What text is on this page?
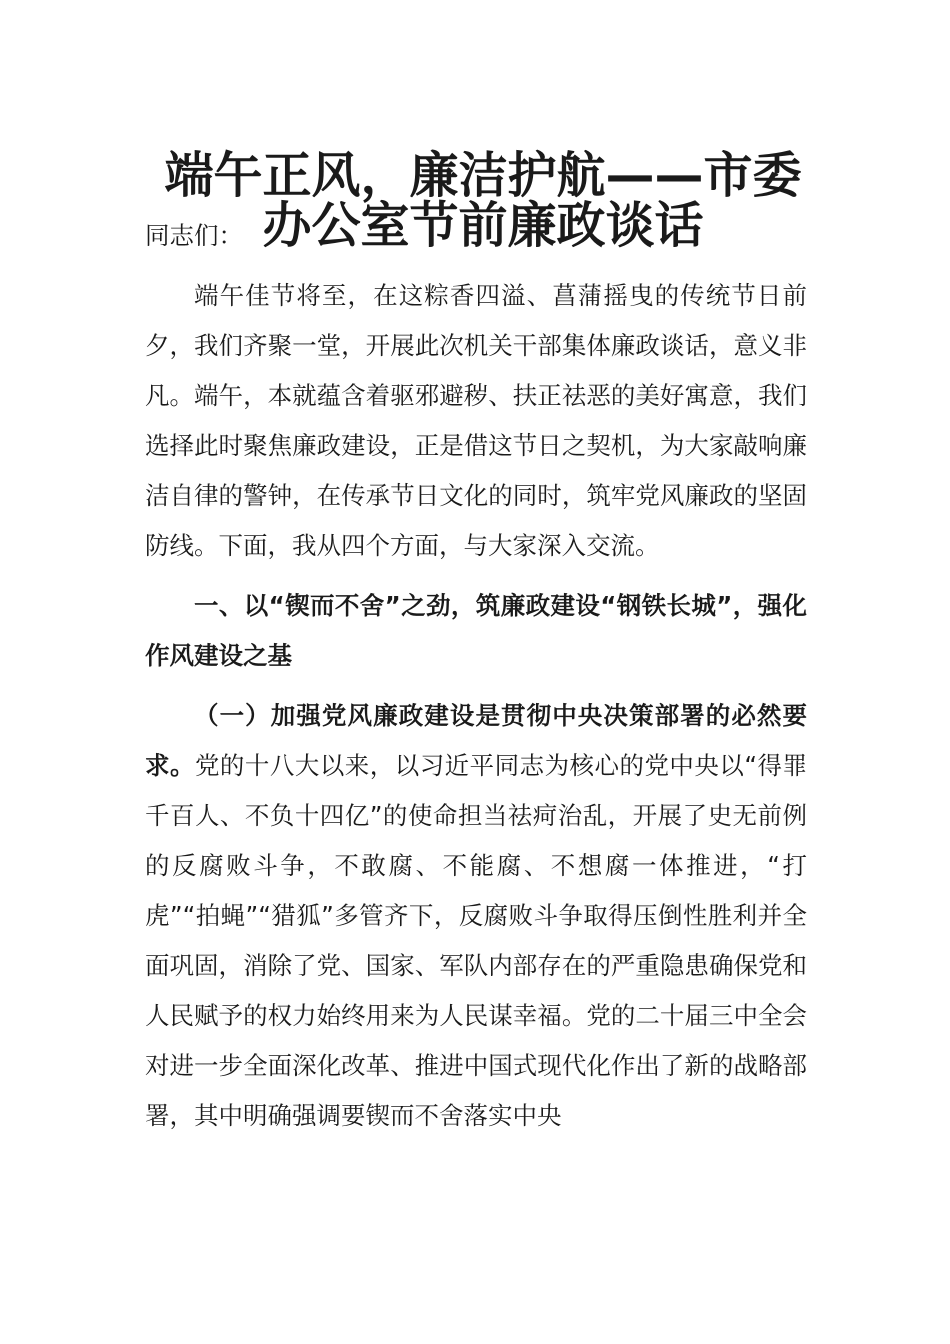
端午正风，廉洁护航——市委办公室节前廉政谈话

同志们：

端午佳节将至，在这粽香四溢、菖蒲摇曳的传统节日前夕，我们齐聚一堂，开展此次机关干部集体廉政谈话，意义非凡。端午，本就蕴含着驱邪避秽、扶正祛恶的美好寓意，我们选择此时聚焦廉政建设，正是借这节日之契机，为大家敲响廉洁自律的警钟，在传承节日文化的同时，筑牢党风廉政的坚固防线。下面，我从四个方面，与大家深入交流。

一、以“锲而不舍”之劲，筑廉政建设“钢铁长城”，强化作风建设之基

（一）加强党风廉政建设是贯彻中央决策部署的必然要求。党的十八大以来，以习近平同志为核心的党中央以“得罪千百人、不负十四亿”的使命担当祛疴治乱，开展了史无前例的反腐败斗争，不敢腐、不能腐、不想腐一体推进，“打虎”“拍蝇”“猎狐”多管齐下，反腐败斗争取得压倒性胜利并全面巩固，消除了党、国家、军队内部存在的严重隐患确保党和人民赋予的权力始终用来为人民谋幸福。党的二十届三中全会对进一步全面深化改革、推进中国式现代化作出了新的战略部署，其中明确强调要锲而不舍落实中央
